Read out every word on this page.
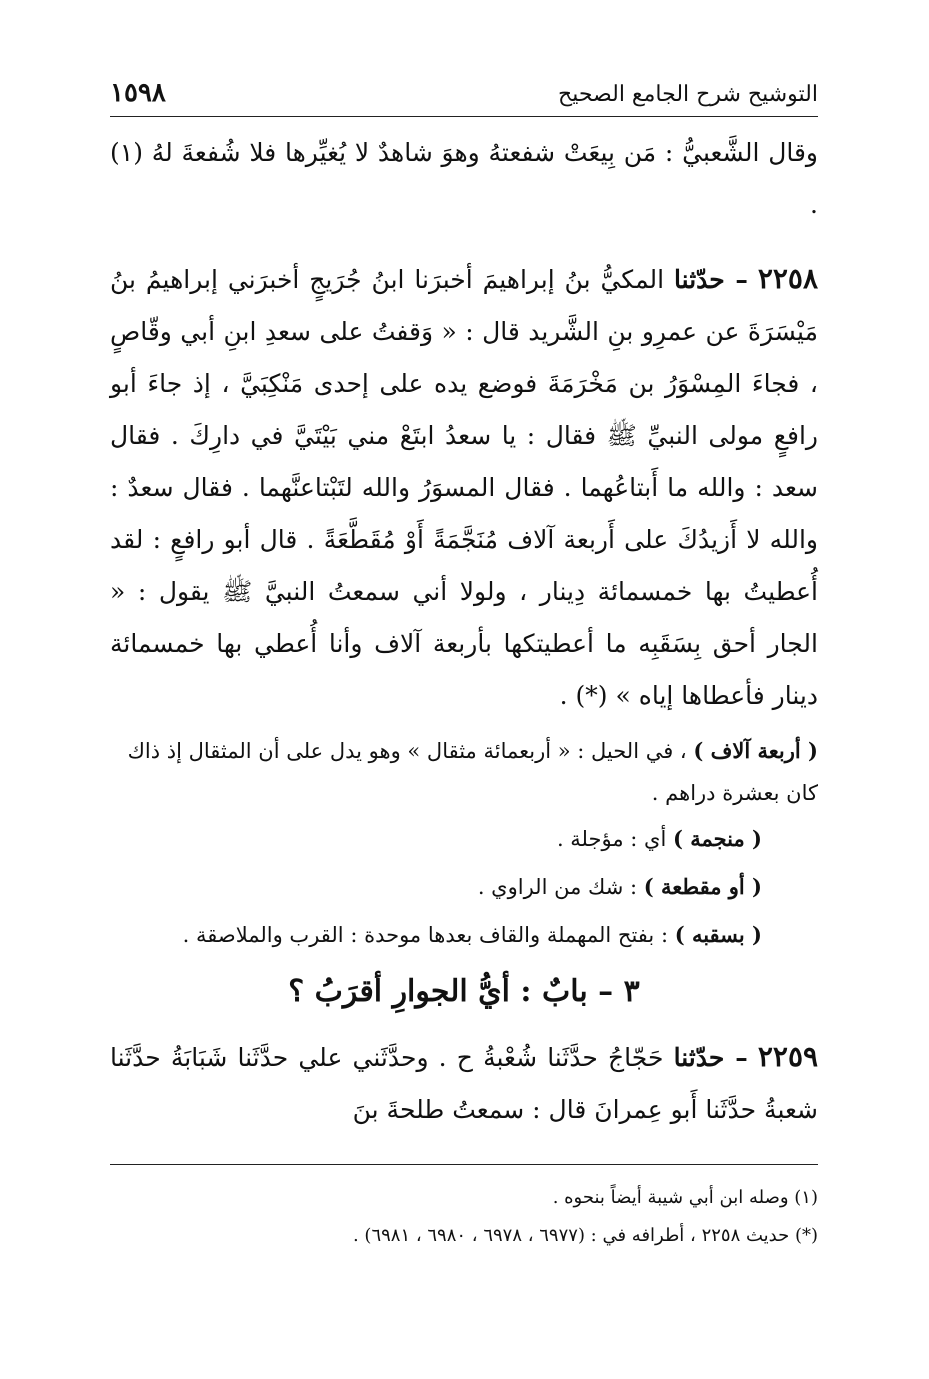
التوشيح شرح الجامع الصحيح
١٥٩٨

وقال الشَّعبيُّ : مَن بِيعَتْ شفعتهُ وهوَ شاهدٌ لا يُغيِّرها فلا شُفعةَ لهُ (١) .

٢٢٥٨ – حدّثنا المكيُّ بنُ إبراهيمَ أخبرَنا ابنُ جُرَيجٍ أخبرَني إبراهيمُ بنُ مَيْسَرَةَ عن عمرِو بنِ الشَّريد قال : « وَقفتُ على سعدِ ابنِ أبي وقّاصٍ ، فجاءَ المِسْوَرُ بن مَخْرَمَةَ فوضع يده على إحدى مَنْكِبَيَّ ، إذ جاءَ أبو رافعٍ مولى النبيِّ ﷺ فقال : يا سعدُ ابتَعْ مني بَيْتَيَّ في دارِكَ . فقال سعد : والله ما أَبتاعُهما . فقال المسوَرُ والله لتَبْتاعنَّهما . فقال سعدٌ : والله لا أَزيدُكَ على أَربعة آلاف مُنَجَّمَةً أَوْ مُقَطَّعَةً . قال أبو رافعٍ : لقد أُعطيتُ بها خمسمائة دِينار ، ولولا أني سمعتُ النبيَّ ﷺ يقول : « الجار أحق بِسَقَبِه ما أعطيتكها بأربعة آلاف وأنا أُعطي بها خمسمائة دينار فأعطاها إياه » (*) .

( أربعة آلاف ) ، في الحيل : « أربعمائة مثقال » وهو يدل على أن المثقال إذ ذاك كان بعشرة دراهم .

( منجمة ) أي : مؤجلة .

( أو مقطعة ) : شك من الراوي .

( بسقبه ) : بفتح المهملة والقاف بعدها موحدة : القرب والملاصقة .

٣ – بابٌ : أيُّ الجوارِ أقرَبُ ؟

٢٢٥٩ – حدّثنا حَجّاجُ حدَّثَنا شُعْبةُ ح . وحدَّثَني علي حدَّثَنا شَبَابَةُ حدَّثَنا شعبةُ حدَّثَنا أَبو عِمرانَ قال : سمعتُ طلحةَ بنَ

(١) وصله ابن أبي شيبة أيضاً بنحوه .
(*) حديث ٢٢٥٨ ، أطرافه في : (٦٩٧٧ ، ٦٩٧٨ ، ٦٩٨٠ ، ٦٩٨١) .
